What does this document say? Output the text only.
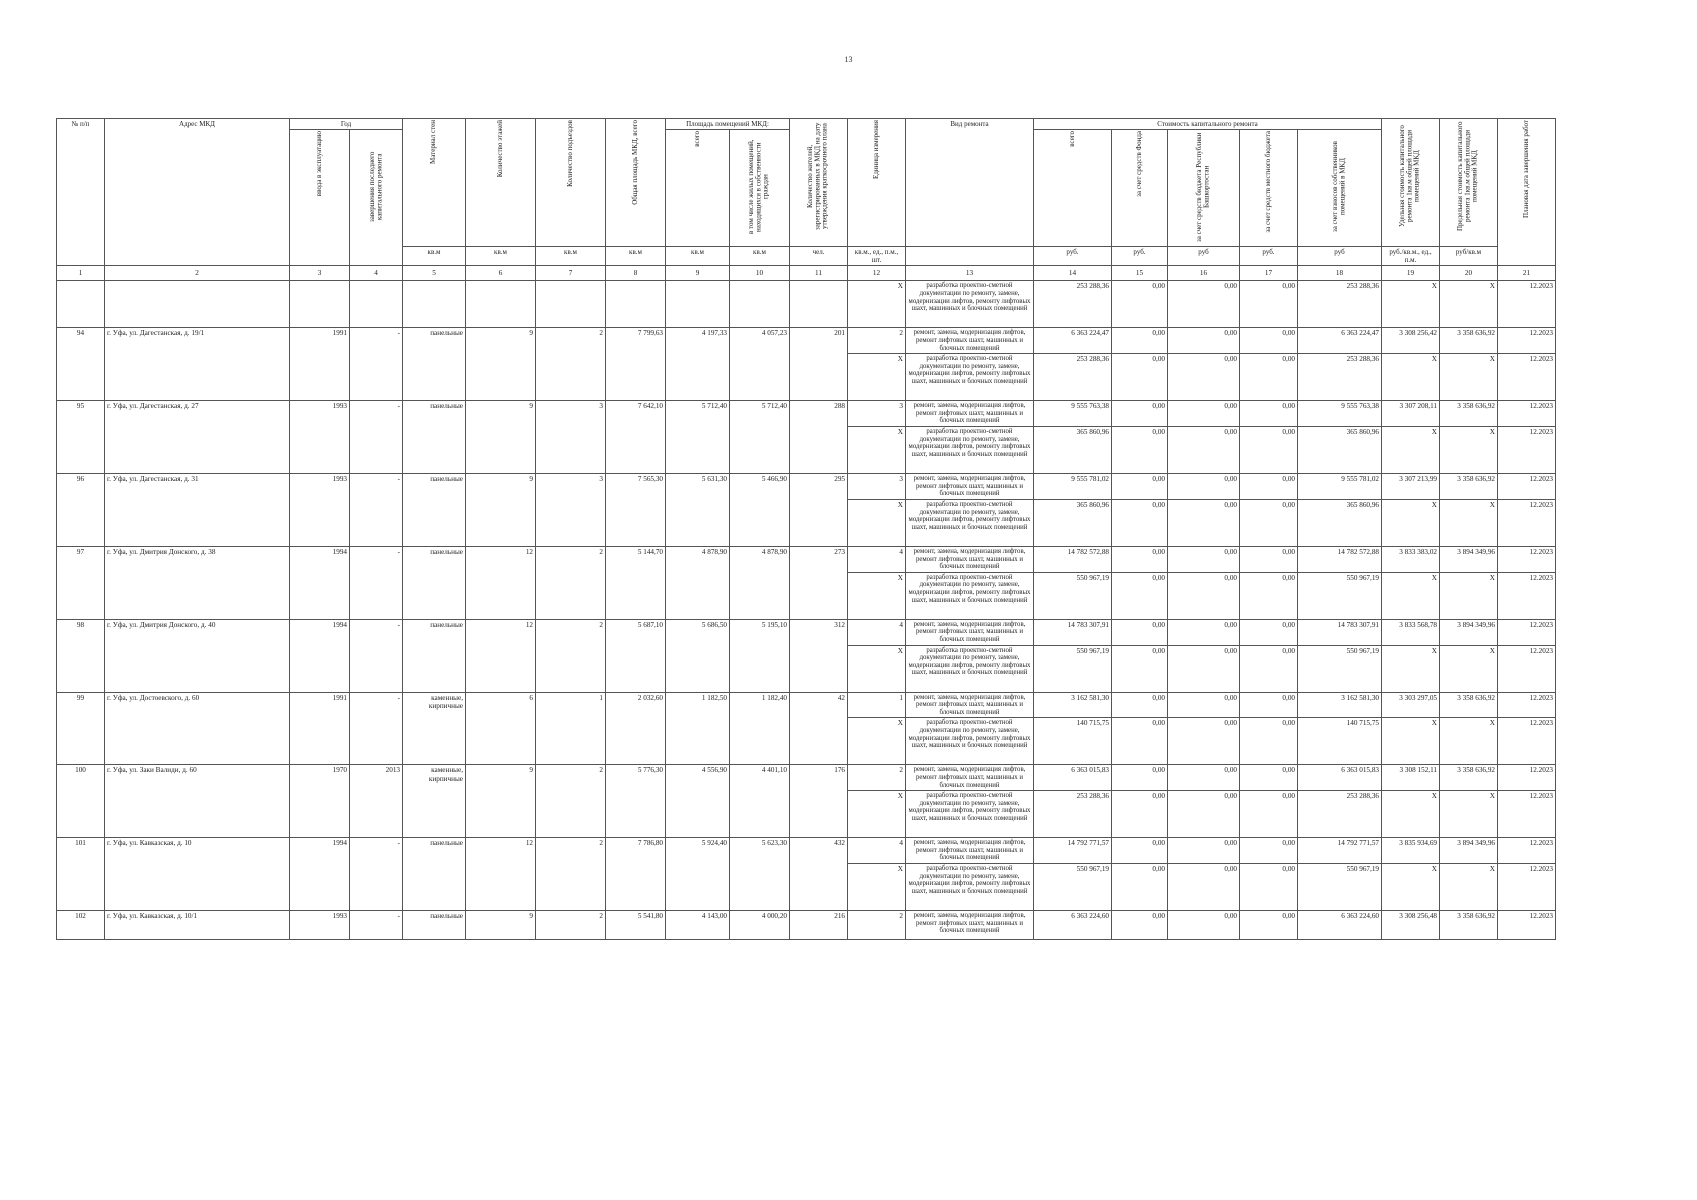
13
№ п/п	Адрес МКД	Год		Материал стен	Количество этажей	Количество подъездов	Общая площадь МКД, всего	Площадь помещений МКД:		Количество жителей, зарегистрированных в МКД на дату утверждения краткосрочного плана	Единица измерения	Вид ремонта	Стоимость капитального ремонта					Удельная стоимость капитального ремонта 1кв.м общей площади помещений МКД	Предельная стоимость капитального ремонта 1кв.м общей площади помещений МКД	Плановая дата завершения работ
		ввода в эксплуатацию	завершения последнего капитального ремонта					всего	в том числе жилых помещений, находящихся в собственности граждан				всего	за счет средств Фонда	за счет средств бюджета Республики Башкортостан	за счет средств местного бюджета	за счет взносов собственников помещений в МКД			
				кв.м	кв.м	кв.м	кв.м	кв.м	кв.м	чел.	кв.м., ед., п.м., шт.		руб.	руб.	руб	руб.	руб	руб./кв.м., ед., п.м.	руб/кв.м	
1	2	3	4	5	6	7	8	9	10	11	12	13	14	15	16	17	18	19	20	21
											X	разработка проектно-сметной документации по ремонту, замене, модернизации лифтов, ремонту лифтовых шахт, машинных и блочных помещений	253 288,36	0,00	0,00	0,00	253 288,36	X	X	12.2023
94	г. Уфа, ул. Дагестанская, д. 19/1	1991	-	панельные	9	2	7 799,63	4 197,33	4 057,23	201	2	ремонт, замена, модернизация лифтов, ремонт лифтовых шахт, машинных и блочных помещений	6 363 224,47	0,00	0,00	0,00	6 363 224,47	3 308 256,42	3 358 636,92	12.2023
											X	разработка проектно-сметной документации по ремонту, замене, модернизации лифтов, ремонту лифтовых шахт, машинных и блочных помещений	253 288,36	0,00	0,00	0,00	253 288,36	X	X	12.2023
95	г. Уфа, ул. Дагестанская, д. 27	1993	-	панельные	9	3	7 642,10	5 712,40	5 712,40	288	3	ремонт, замена, модернизация лифтов, ремонт лифтовых шахт, машинных и блочных помещений	9 555 763,38	0,00	0,00	0,00	9 555 763,38	3 307 208,11	3 358 636,92	12.2023
											X	разработка проектно-сметной документации по ремонту, замене, модернизации лифтов, ремонту лифтовых шахт, машинных и блочных помещений	365 860,96	0,00	0,00	0,00	365 860,96	X	X	12.2023
96	г. Уфа, ул. Дагестанская, д. 31	1993	-	панельные	9	3	7 565,30	5 631,30	5 466,90	295	3	ремонт, замена, модернизация лифтов, ремонт лифтовых шахт, машинных и блочных помещений	9 555 781,02	0,00	0,00	0,00	9 555 781,02	3 307 213,99	3 358 636,92	12.2023
											X	разработка проектно-сметной документации по ремонту, замене, модернизации лифтов, ремонту лифтовых шахт, машинных и блочных помещений	365 860,96	0,00	0,00	0,00	365 860,96	X	X	12.2023
97	г. Уфа, ул. Дмитрия Донского, д. 38	1994	-	панельные	12	2	5 144,70	4 878,90	4 878,90	273	4	ремонт, замена, модернизация лифтов, ремонт лифтовых шахт, машинных и блочных помещений	14 782 572,88	0,00	0,00	0,00	14 782 572,88	3 833 383,02	3 894 349,96	12.2023
											X	разработка проектно-сметной документации по ремонту, замене, модернизации лифтов, ремонту лифтовых шахт, машинных и блочных помещений	550 967,19	0,00	0,00	0,00	550 967,19	X	X	12.2023
98	г. Уфа, ул. Дмитрия Донского, д. 40	1994	-	панельные	12	2	5 687,10	5 686,50	5 195,10	312	4	ремонт, замена, модернизация лифтов, ремонт лифтовых шахт, машинных и блочных помещений	14 783 307,91	0,00	0,00	0,00	14 783 307,91	3 833 568,78	3 894 349,96	12.2023
											X	разработка проектно-сметной документации по ремонту, замене, модернизации лифтов, ремонту лифтовых шахт, машинных и блочных помещений	550 967,19	0,00	0,00	0,00	550 967,19	X	X	12.2023
99	г. Уфа, ул. Достоевского, д. 60	1991	-	каменные, кирпичные	6	1	2 032,60	1 182,50	1 182,40	42	1	ремонт, замена, модернизация лифтов, ремонт лифтовых шахт, машинных и блочных помещений	3 162 581,30	0,00	0,00	0,00	3 162 581,30	3 303 297,05	3 358 636,92	12.2023
											X	разработка проектно-сметной документации по ремонту, замене, модернизации лифтов, ремонту лифтовых шахт, машинных и блочных помещений	140 715,75	0,00	0,00	0,00	140 715,75	X	X	12.2023
100	г. Уфа, ул. Заки Валиди, д. 60	1970	2013	каменные, кирпичные	9	2	5 776,30	4 556,90	4 401,10	176	2	ремонт, замена, модернизация лифтов, ремонт лифтовых шахт, машинных и блочных помещений	6 363 015,83	0,00	0,00	0,00	6 363 015,83	3 308 152,11	3 358 636,92	12.2023
											X	разработка проектно-сметной документации по ремонту, замене, модернизации лифтов, ремонту лифтовых шахт, машинных и блочных помещений	253 288,36	0,00	0,00	0,00	253 288,36	X	X	12.2023
101	г. Уфа, ул. Кавказская, д. 10	1994	-	панельные	12	2	7 786,80	5 924,40	5 623,30	432	4	ремонт, замена, модернизация лифтов, ремонт лифтовых шахт, машинных и блочных помещений	14 792 771,57	0,00	0,00	0,00	14 792 771,57	3 835 934,69	3 894 349,96	12.2023
											X	разработка проектно-сметной документации по ремонту, замене, модернизации лифтов, ремонту лифтовых шахт, машинных и блочных помещений	550 967,19	0,00	0,00	0,00	550 967,19	X	X	12.2023
102	г. Уфа, ул. Кавказская, д. 10/1	1993	-	панельные	9	2	5 541,80	4 143,00	4 000,20	216	2	ремонт, замена, модернизация лифтов, ремонт лифтовых шахт, машинных и блочных помещений	6 363 224,60	0,00	0,00	0,00	6 363 224,60	3 308 256,48	3 358 636,92	12.2023
